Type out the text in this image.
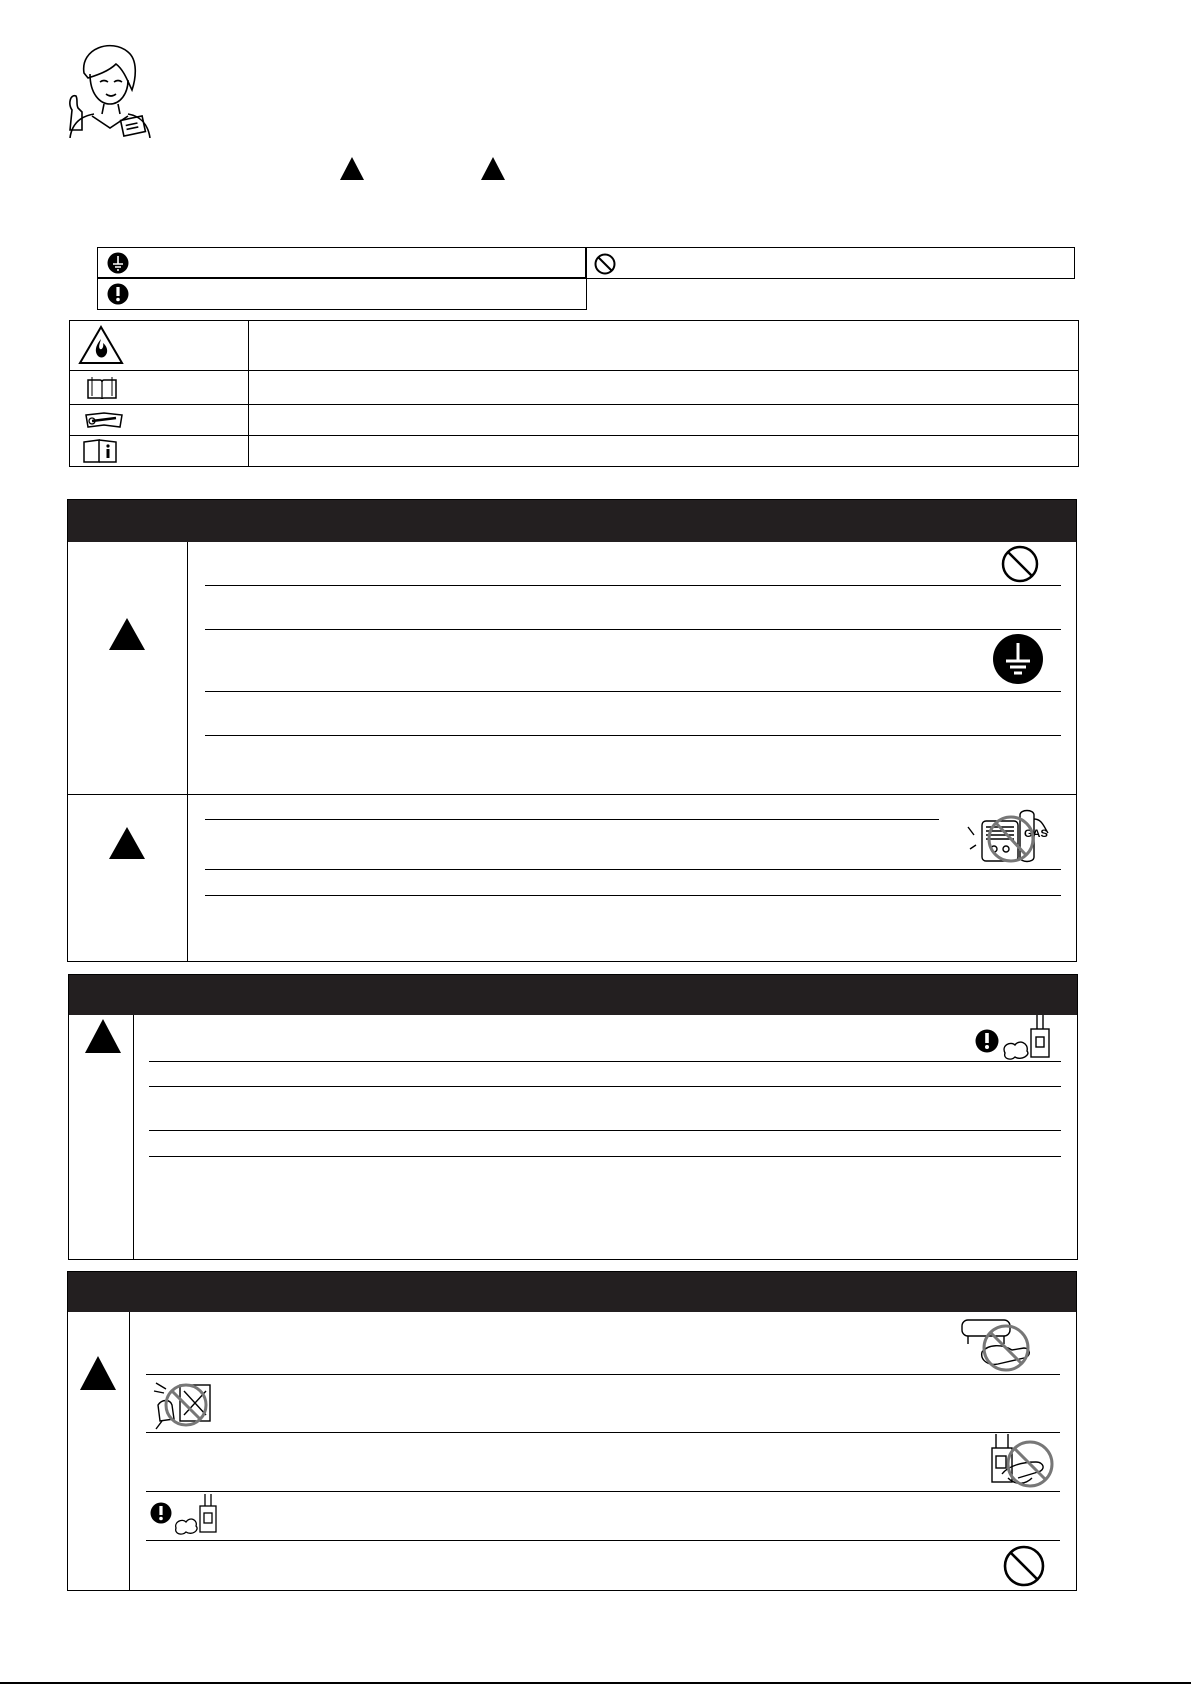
GAS
